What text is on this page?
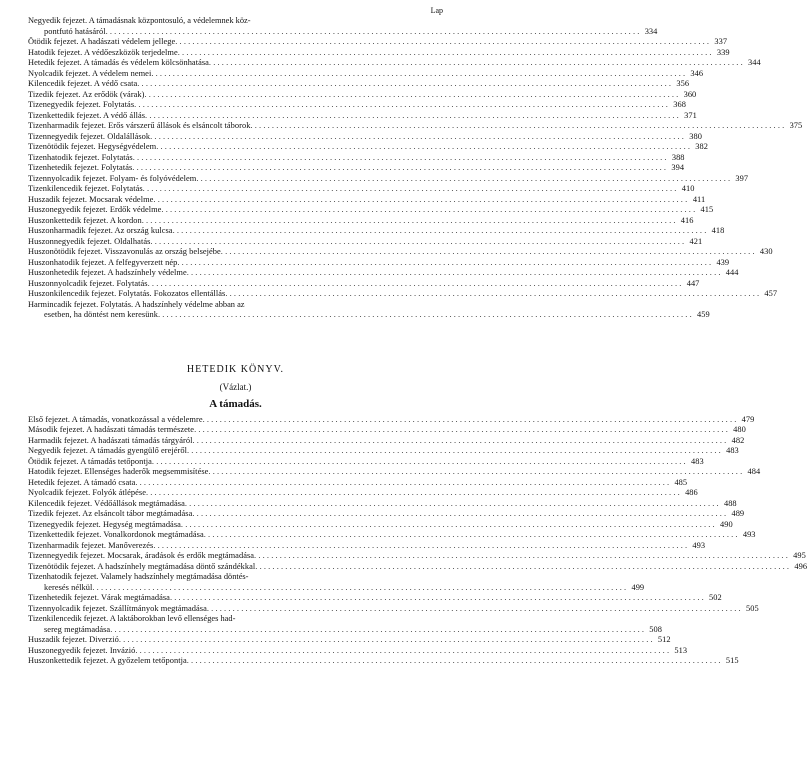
Lap
Negyedik fejezet. A támadásnak központosuló, a védelemnek köz-
pontfutó hatásáról . . .	334
Ötödik fejezet. A hadászati védelem jellege . . .	337
Hatodik fejezet. A védőeszközök terjedelme . . .	339
Hetedik fejezet. A támadás és védelem kölcsönhatása . . .	344
Nyolcadik fejezet. A védelem nemei . . .	346
Kilencedik fejezet. A védő csata . . .	356
Tizedik fejezet. Az erődök (várak) . . .	360
Tizenegyedik fejezet. Folytatás . . .	368
Tizenkettedik fejezet. A védő állás . . .	371
Tizenharmadik fejezet. Erős várszerű állások és elsáncolt táborok . . .	375
Tizennegyedik fejezet. Oldalállások . . .	380
Tizenötödik fejezet. Hegységvédelem . . .	382
Tizenhatodik fejezet. Folytatás . . .	388
Tizenhetedik fejezet. Folytatás . . .	394
Tizennyolcadik fejezet. Folyam- és folyóvédelem . . .	397
Tizenkilencedik fejezet. Folytatás . . .	410
Huszadik fejezet. Mocsarak védelme . . .	411
Huszonegyedik fejezet. Erdők védelme . . .	415
Huszonkettedik fejezet. A kordon . . .	416
Huszonharmadik fejezet. Az ország kulcsa . . .	418
Huszonnegyedik fejezet. Oldalhatás . . .	421
Huszonötödik fejezet. Visszavonulás az ország belsejébe . . .	430
Huszonhatodik fejezet. A felfegyverzett nép . . .	439
Huszonhetedik fejezet. A hadszínhely védelme . . .	444
Huszonnyolcadik fejezet. Folytatás . . .	447
Huszonkilencedik fejezet. Folytatás. Fokozatos ellentállás . . .	457
Harmincadik fejezet. Folytatás. A hadszínhely védelme abban az
esetben, ha döntést nem keresünk . . .	459
HETEDIK KÖNYV.
(Vázlat.)
A támadás.
Első fejezet. A támadás, vonatkozással a védelemre . . .	479
Második fejezet. A hadászati támadás természete . . .	480
Harmadik fejezet. A hadászati támadás tárgyáról . . .	482
Negyedik fejezet. A támadás gyengülő erejéről . . .	483
Ötödik fejezet. A támadás tetőpontja . . .	483
Hatodik fejezet. Ellenséges haderők megsemmisítése . . .	484
Hetedik fejezet. A támadó csata . . .	485
Nyolcadik fejezet. Folyók átlépése . . .	486
Kilencedik fejezet. Védőállások megtámadása . . .	488
Tizedik fejezet. Az elsáncolt tábor megtámadása . . .	489
Tizenegyedik fejezet. Hegység megtámadása . . .	490
Tizenkettedik fejezet. Vonalkordonok megtámadása . . .	493
Tizenharmadik fejezet. Manőverezés . . .	493
Tizennegyedik fejezet. Mocsarak, árađások és erdők megtámadása . . .	495
Tizenötödik fejezet. A hadszínhely megtámadása döntő szándékkal . . .	496
Tizenhatodik fejezet. Valamely hadszínhely megtámadása döntés-
keresés nélkül . . .	499
Tizenhetedik fejezet. Várak megtámadása . . .	502
Tizennyolcadik fejezet. Szállítmányok megtámadása . . .	505
Tizenkilencedik fejezet. A laktáborokban levő ellenséges had-
sereg megtámadása . . .	508
Huszadik fejezet. Diverzió . . .	512
Huszonegyedik fejezet. Invázió . . .	513
Huszonkettedik fejezet. A győzelem tetőpontja . . .	515
